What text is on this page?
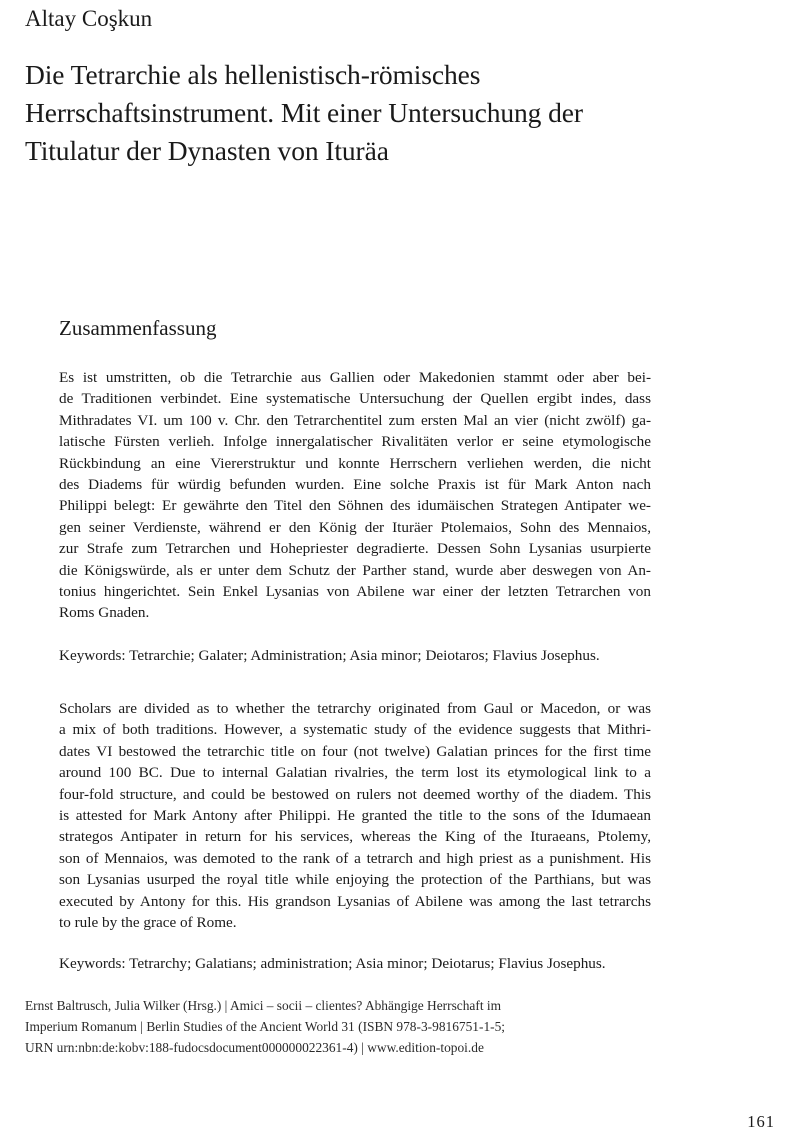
Altay Coşkun
Die Tetrarchie als hellenistisch-römisches
Herrschaftsinstrument. Mit einer Untersuchung der
Titulatur der Dynasten von Ituräa
Zusammenfassung
Es ist umstritten, ob die Tetrarchie aus Gallien oder Makedonien stammt oder aber bei-
de Traditionen verbindet. Eine systematische Untersuchung der Quellen ergibt indes, dass
Mithradates VI. um 100 v. Chr. den Tetrarchentitel zum ersten Mal an vier (nicht zwölf) ga-
latische Fürsten verlieh. Infolge innergalatischer Rivalitäten verlor er seine etymologische
Rückbindung an eine Viererstruktur und konnte Herrschern verliehen werden, die nicht
des Diadems für würdig befunden wurden. Eine solche Praxis ist für Mark Anton nach
Philippi belegt: Er gewährte den Titel den Söhnen des idumäischen Strategen Antipater we-
gen seiner Verdienste, während er den König der Ituräer Ptolemaios, Sohn des Mennaios,
zur Strafe zum Tetrarchen und Hohepriester degradierte. Dessen Sohn Lysanias usurpierte
die Königswürde, als er unter dem Schutz der Parther stand, wurde aber deswegen von An-
tonius hingerichtet. Sein Enkel Lysanias von Abilene war einer der letzten Tetrarchen von
Roms Gnaden.
Keywords: Tetrarchie; Galater; Administration; Asia minor; Deiotaros; Flavius Josephus.
Scholars are divided as to whether the tetrarchy originated from Gaul or Macedon, or was
a mix of both traditions. However, a systematic study of the evidence suggests that Mithri-
dates VI bestowed the tetrarchic title on four (not twelve) Galatian princes for the first time
around 100 BC. Due to internal Galatian rivalries, the term lost its etymological link to a
four-fold structure, and could be bestowed on rulers not deemed worthy of the diadem. This
is attested for Mark Antony after Philippi. He granted the title to the sons of the Idumaean
strategos Antipater in return for his services, whereas the King of the Ituraeans, Ptolemy,
son of Mennaios, was demoted to the rank of a tetrarch and high priest as a punishment. His
son Lysanias usurped the royal title while enjoying the protection of the Parthians, but was
executed by Antony for this. His grandson Lysanias of Abilene was among the last tetrarchs
to rule by the grace of Rome.
Keywords: Tetrarchy; Galatians; administration; Asia minor; Deiotarus; Flavius Josephus.
Ernst Baltrusch, Julia Wilker (Hrsg.) | Amici – socii – clientes? Abhängige Herrschaft im
Imperium Romanum | Berlin Studies of the Ancient World 31 (ISBN 978-3-9816751-1-5;
URN urn:nbn:de:kobv:188-fudocsdocument000000022361-4) | www.edition-topoi.de
161
